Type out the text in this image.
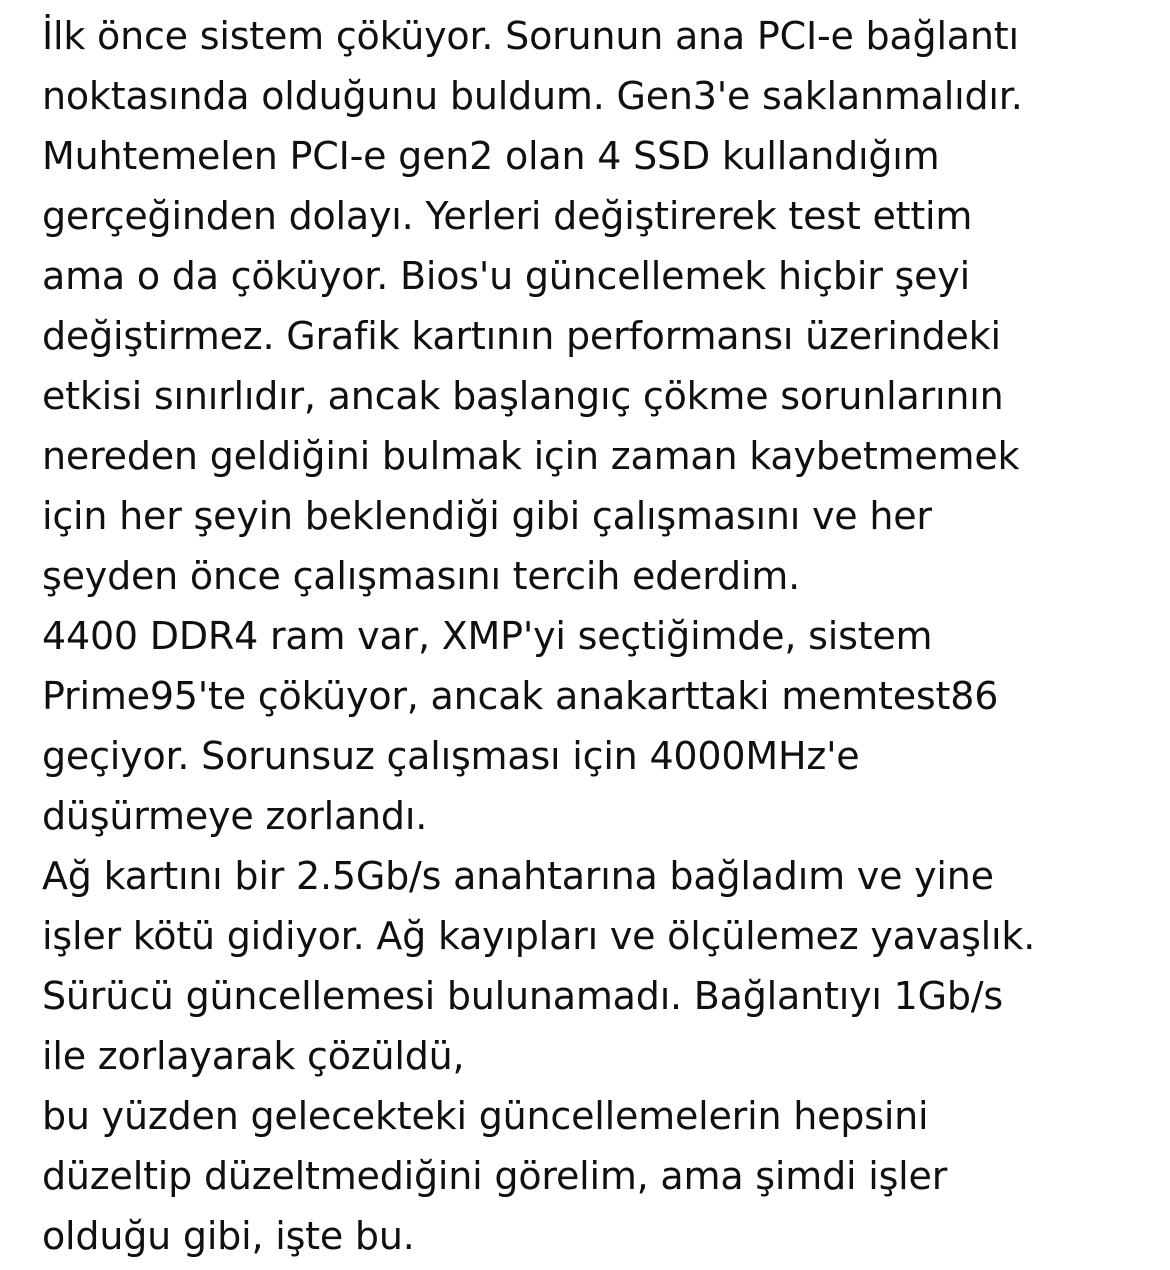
İlk önce sistem çöküyor. Sorunun ana PCI-e bağlantı
noktasında olduğunu buldum. Gen3'e saklanmalıdır.
Muhtemelen PCI-e gen2 olan 4 SSD kullandığım
gerçeğinden dolayı. Yerleri değiştirerek test ettim
ama o da çöküyor. Bios'u güncellemek hiçbir şeyi
değiştirmez. Grafik kartının performansı üzerindeki
etkisi sınırlıdır, ancak başlangıç çökme sorunlarının
nereden geldiğini bulmak için zaman kaybetmemek
için her şeyin beklendiği gibi çalışmasını ve her
şeyden önce çalışmasını tercih ederdim.
4400 DDR4 ram var, XMP'yi seçtiğimde, sistem
Prime95'te çöküyor, ancak anakarttaki memtest86
geçiyor. Sorunsuz çalışması için 4000MHz'e
düşürmeye zorlandı.
Ağ kartını bir 2.5Gb/s anahtarına bağladım ve yine
işler kötü gidiyor. Ağ kayıpları ve ölçülemez yavaşlık.
Sürücü güncellemesi bulunamadı. Bağlantıyı 1Gb/s
ile zorlayarak çözüldü,
bu yüzden gelecekteki güncellemelerin hepsini
düzeltip düzeltmediğini görelim, ama şimdi işler
olduğu gibi, işte bu.
